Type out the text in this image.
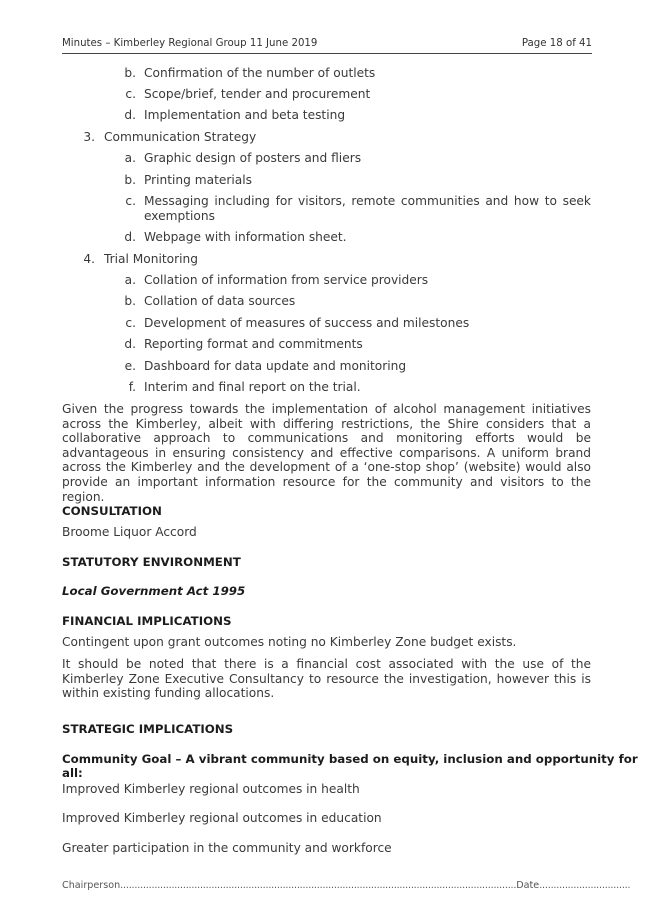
Minutes – Kimberley Regional Group 11 June 2019	Page 18 of 41
b. Confirmation of the number of outlets
c. Scope/brief, tender and procurement
d. Implementation and beta testing
3. Communication Strategy
a. Graphic design of posters and fliers
b. Printing materials
c. Messaging including for visitors, remote communities and how to seek exemptions
d. Webpage with information sheet.
4. Trial Monitoring
a. Collation of information from service providers
b. Collation of data sources
c. Development of measures of success and milestones
d. Reporting format and commitments
e. Dashboard for data update and monitoring
f. Interim and final report on the trial.
Given the progress towards the implementation of alcohol management initiatives across the Kimberley, albeit with differing restrictions, the Shire considers that a collaborative approach to communications and monitoring efforts would be advantageous in ensuring consistency and effective comparisons. A uniform brand across the Kimberley and the development of a ‘one-stop shop’ (website) would also provide an important information resource for the community and visitors to the region.
CONSULTATION
Broome Liquor Accord
STATUTORY ENVIRONMENT
Local Government Act 1995
FINANCIAL IMPLICATIONS
Contingent upon grant outcomes noting no Kimberley Zone budget exists.
It should be noted that there is a financial cost associated with the use of the Kimberley Zone Executive Consultancy to resource the investigation, however this is within existing funding allocations.
STRATEGIC IMPLICATIONS
Community Goal – A vibrant community based on equity, inclusion and opportunity for all:
Improved Kimberley regional outcomes in health
Improved Kimberley regional outcomes in education
Greater participation in the community and workforce
Chairperson...........................................................................................................................................Date................................
